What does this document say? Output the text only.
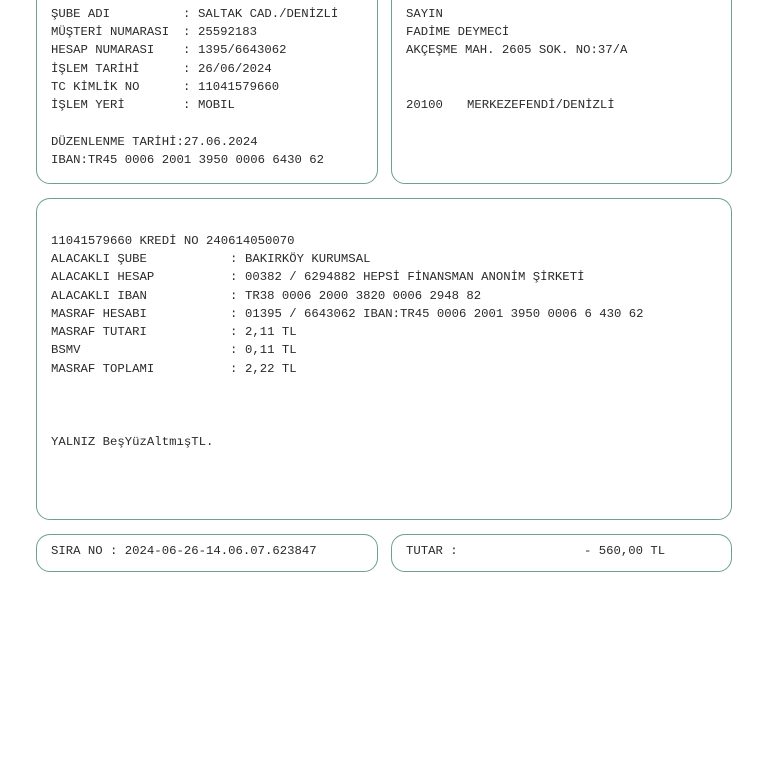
ŞUBE ADI	: SALTAK CAD./DENİZLİ
MÜŞTERİ NUMARASI : 25592183
HESAP NUMARASI : 1395/6643062
İŞLEM TARİHİ	: 26/06/2024
TC KİMLİK NO	: 11041579660
İŞLEM YERİ	: MOBIL
DÜZENLENME TARİHİ:27.06.2024
IBAN:TR45 0006 2001 3950 0006 6430 62
SAYIN
FADİME DEYMECİ
AKÇEŞME MAH. 2605 SOK. NO:37/A
20100 MERKEZEFENDİ/DENİZLİ
11041579660 KREDİ NO 240614050070
ALACAKLI ŞUBE	: BAKIRKÖY KURUMSAL
ALACAKLI HESAP	: 00382 / 6294882 HEPSİ FİNANSMAN ANONİM ŞİRKETİ
ALACAKLI IBAN	: TR38 0006 2000 3820 0006 2948 82
MASRAF HESABI	: 01395 / 6643062 IBAN:TR45 0006 2001 3950 0006 6 430 62
MASRAF TUTARI	: 2,11 TL
BSMV	: 0,11 TL
MASRAF TOPLAMI	: 2,22 TL
YALNIZ BeşYüzAltmışTL.
SIRA NO : 2024-06-26-14.06.07.623847	TUTAR :	- 560,00 TL
